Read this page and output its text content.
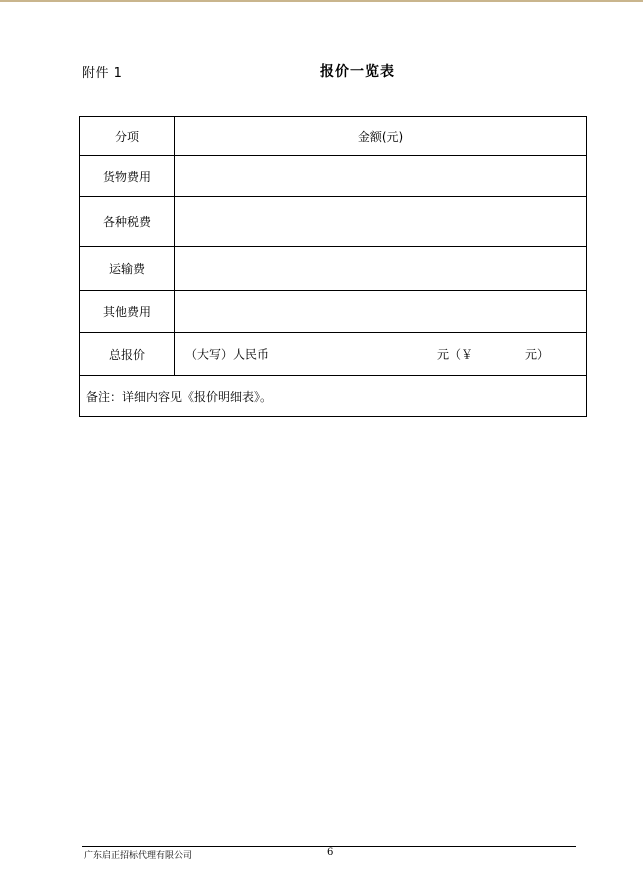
附件 1	报价一览表
分项	金额(元)
货物费用	
各种税费	
运输费	
其他费用	
总报价	（大写）人民币 元（￥ 元）

备注：详细内容见《报价明细表》。	
广东启正招标代理有限公司	6
